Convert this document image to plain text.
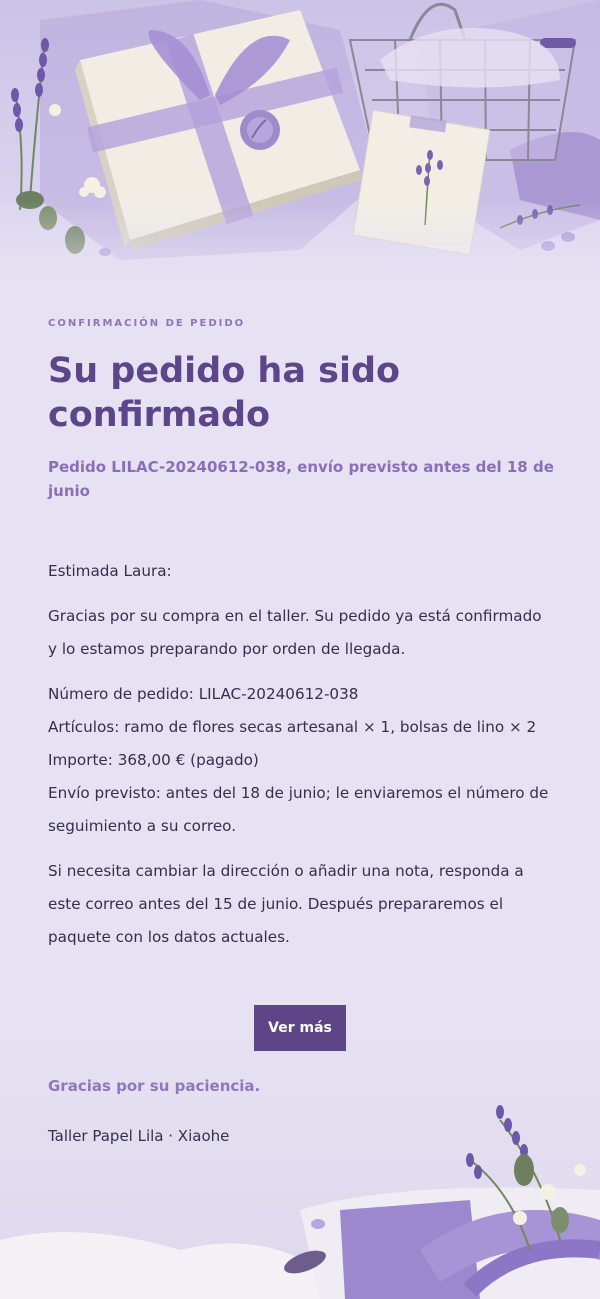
CONFIRMACIÓN DE PEDIDO
Su pedido ha sido
confirmado
Pedido LILAC-20240612-038, envío previsto antes del 18 de junio

Estimada Laura:

Gracias por su compra en el taller. Su pedido ya está confirmado
y lo estamos preparando por orden de llegada.

Número de pedido: LILAC-20240612-038
Artículos: ramo de flores secas artesanal × 1, bolsas de lino × 2
Importe: 368,00 € (pagado)
Envío previsto: antes del 18 de junio; le enviaremos el número de
seguimiento a su correo.

Si necesita cambiar la dirección o añadir una nota, responda a
este correo antes del 15 de junio. Después prepararemos el
paquete con los datos actuales.

Ver más
Gracias por su paciencia.
Taller Papel Lila · Xiaohe
